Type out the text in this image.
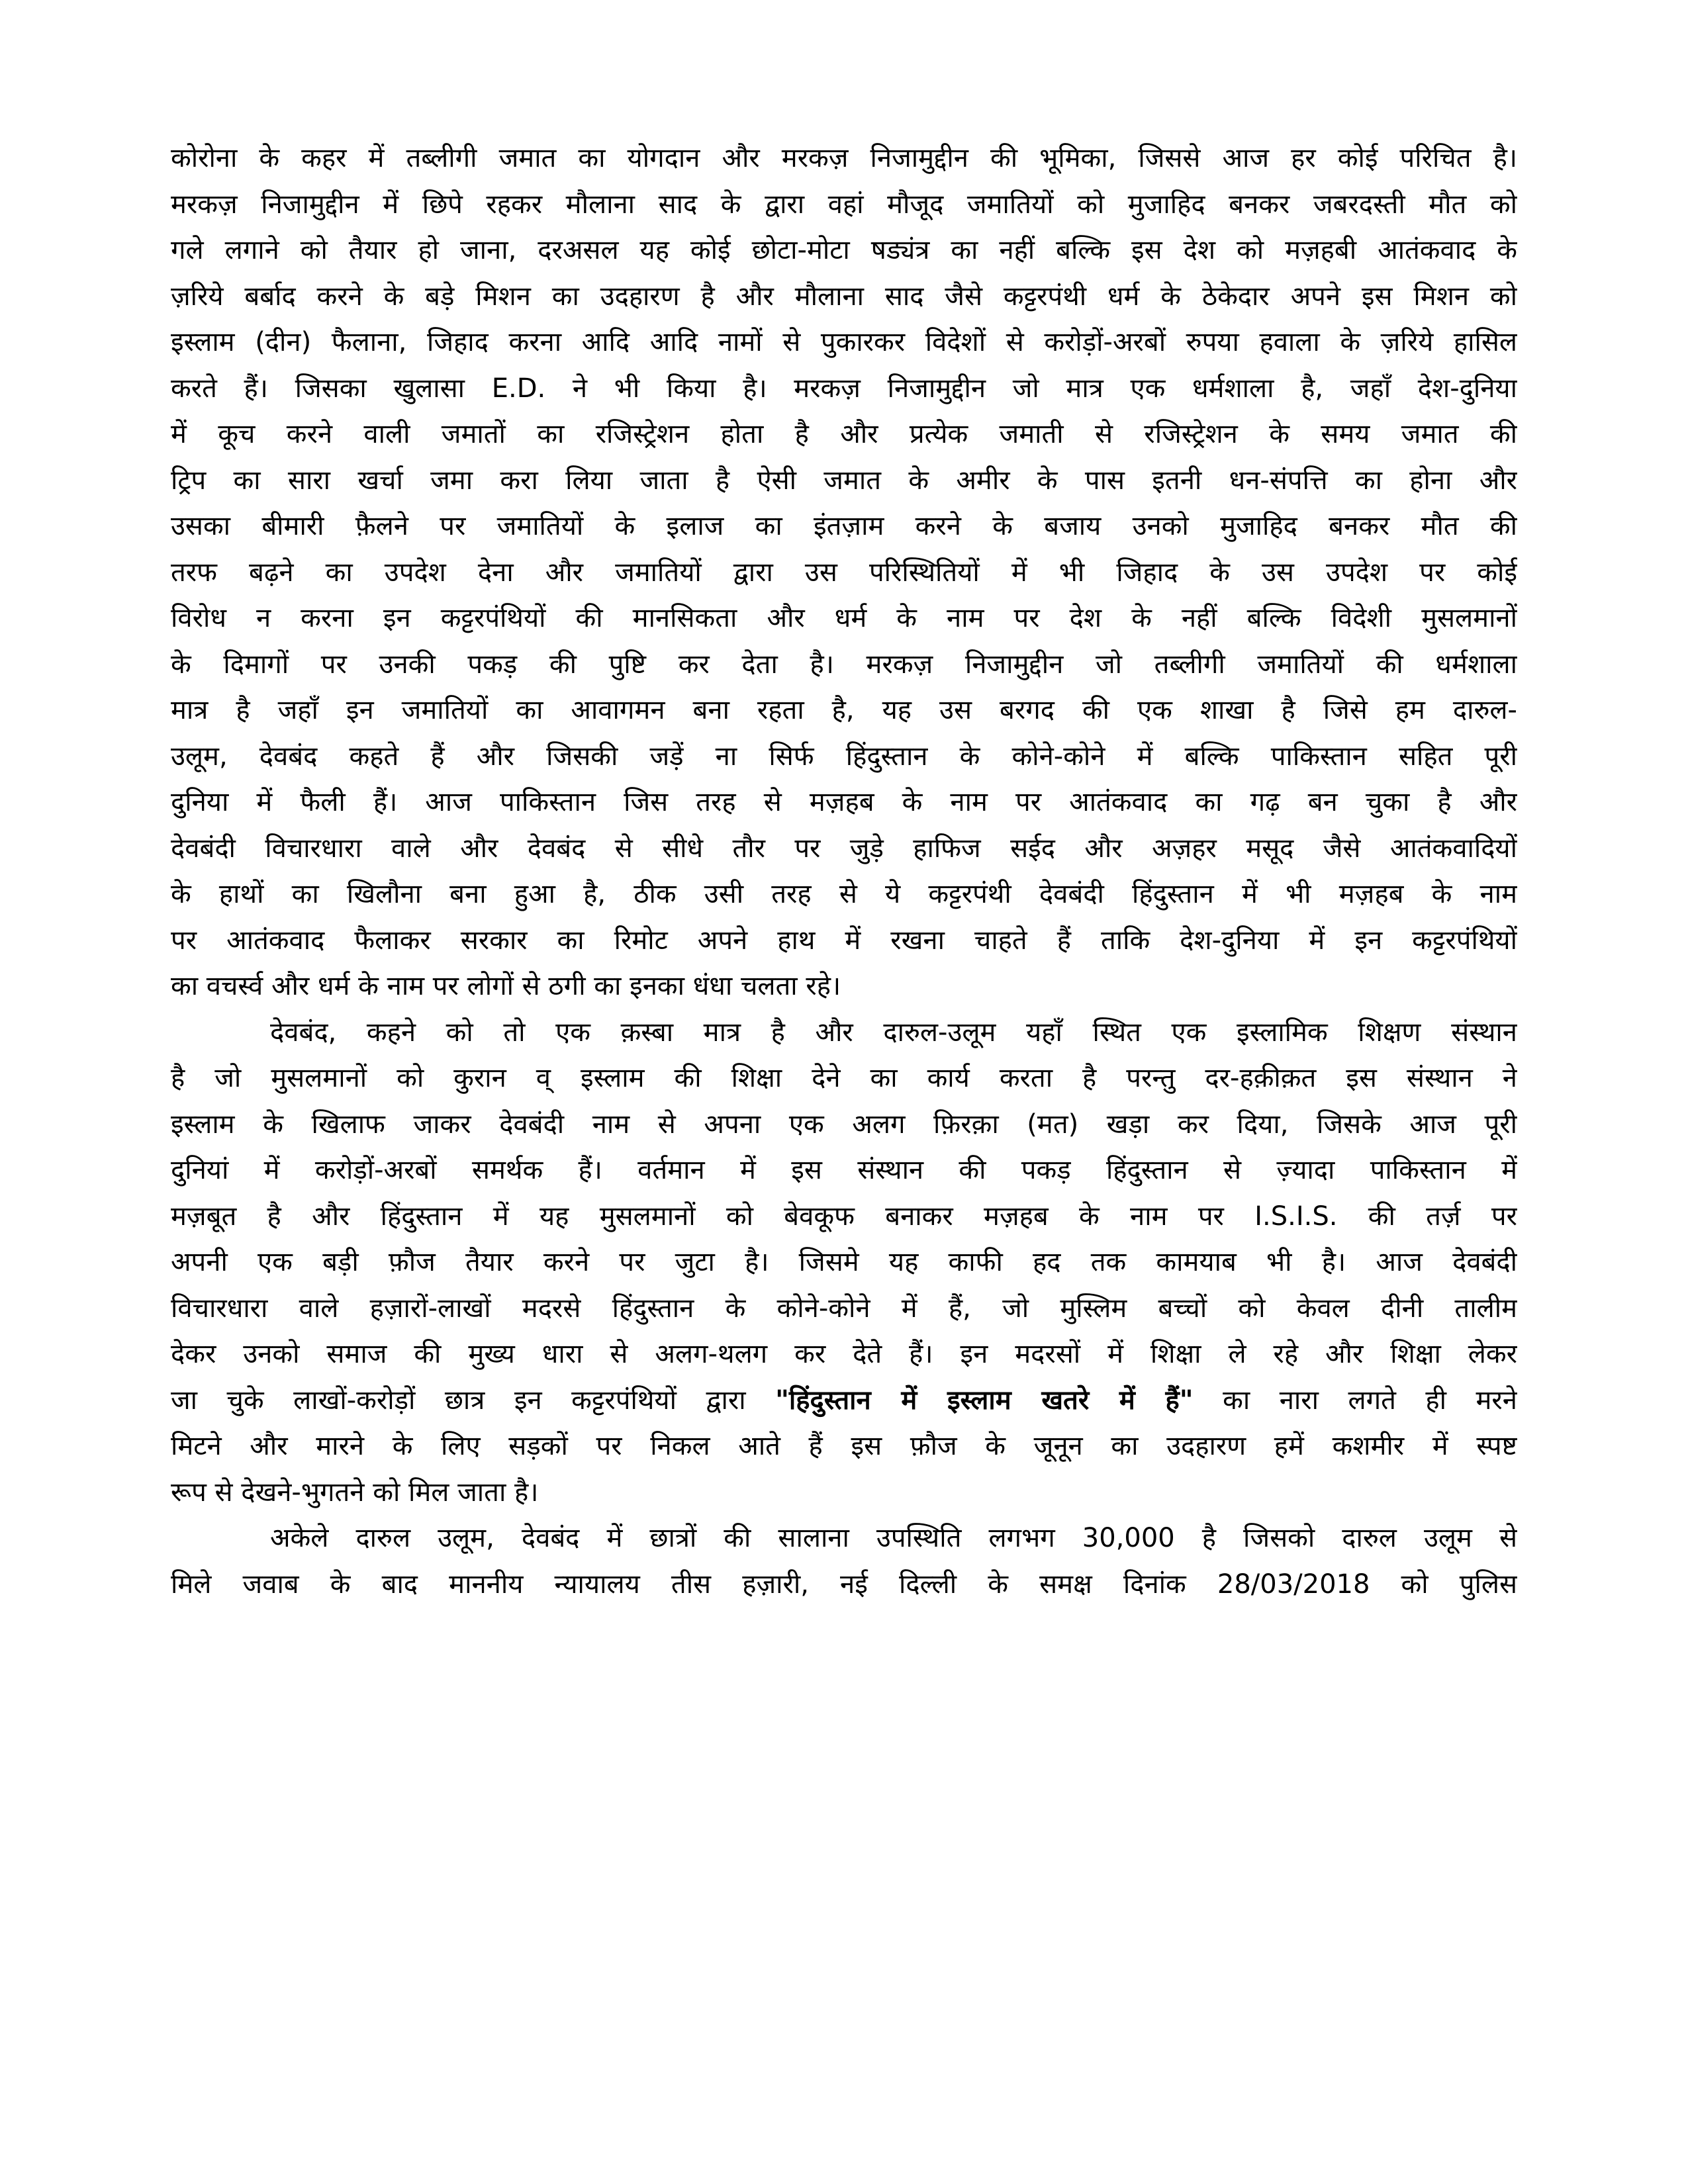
कोरोना के कहर में तब्लीगी जमात का योगदान और मरकज़ निजामुद्दीन की भूमिका, जिससे आज हर कोई परिचित है।
मरकज़ निजामुद्दीन में छिपे रहकर मौलाना साद के द्वारा वहां मौजूद जमातियों को मुजाहिद बनकर जबरदस्ती मौत को
गले लगाने को तैयार हो जाना, दरअसल यह कोई छोटा-मोटा षड्यंत्र का नहीं बल्कि इस देश को मज़हबी आतंकवाद के
ज़रिये बर्बाद करने के बड़े मिशन का उदहारण है और मौलाना साद जैसे कट्टरपंथी धर्म के ठेकेदार अपने इस मिशन को
इस्लाम (दीन) फैलाना, जिहाद करना आदि आदि नामों से पुकारकर विदेशों से करोड़ों-अरबों रुपया हवाला के ज़रिये हासिल
करते हैं। जिसका खुलासा E.D. ने भी किया है। मरकज़ निजामुद्दीन जो मात्र एक धर्मशाला है, जहाँ देश-दुनिया
में कूच करने वाली जमातों का रजिस्ट्रेशन होता है और प्रत्येक जमाती से रजिस्ट्रेशन के समय जमात की
ट्रिप का सारा खर्चा जमा करा लिया जाता है ऐसी जमात के अमीर के पास इतनी धन-संपत्ति का होना और
उसका बीमारी फ़ैलने पर जमातियों के इलाज का इंतज़ाम करने के बजाय उनको मुजाहिद बनकर मौत की
तरफ बढ़ने का उपदेश देना और जमातियों द्वारा उस परिस्थितियों में भी जिहाद के उस उपदेश पर कोई
विरोध न करना इन कट्टरपंथियों की मानसिकता और धर्म के नाम पर देश के नहीं बल्कि विदेशी मुसलमानों
के दिमागों पर उनकी पकड़ की पुष्टि कर देता है। मरकज़ निजामुद्दीन जो तब्लीगी जमातियों की धर्मशाला
मात्र है जहाँ इन जमातियों का आवागमन बना रहता है, यह उस बरगद की एक शाखा है जिसे हम दारुल-
उलूम, देवबंद कहते हैं और जिसकी जड़ें ना सिर्फ हिंदुस्तान के कोने-कोने में बल्कि पाकिस्तान सहित पूरी
दुनिया में फैली हैं। आज पाकिस्तान जिस तरह से मज़हब के नाम पर आतंकवाद का गढ़ बन चुका है और
देवबंदी विचारधारा वाले और देवबंद से सीधे तौर पर जुड़े हाफिज सईद और अज़हर मसूद जैसे आतंकवादियों
के हाथों का खिलौना बना हुआ है, ठीक उसी तरह से ये कट्टरपंथी देवबंदी हिंदुस्तान में भी मज़हब के नाम
पर आतंकवाद फैलाकर सरकार का रिमोट अपने हाथ में रखना चाहते हैं ताकि देश-दुनिया में इन कट्टरपंथियों
का वचर्स्व और धर्म के नाम पर लोगों से ठगी का इनका धंधा चलता रहे।
देवबंद, कहने को तो एक क़स्बा मात्र है और दारुल-उलूम यहाँ स्थित एक इस्लामिक शिक्षण संस्थान
है जो मुसलमानों को कुरान व् इस्लाम की शिक्षा देने का कार्य करता है परन्तु दर-हक़ीक़त इस संस्थान ने
इस्लाम के खिलाफ जाकर देवबंदी नाम से अपना एक अलग फ़िरक़ा (मत) खड़ा कर दिया, जिसके आज पूरी
दुनियां में करोड़ों-अरबों समर्थक हैं। वर्तमान में इस संस्थान की पकड़ हिंदुस्तान से ज़्यादा पाकिस्तान में
मज़बूत है और हिंदुस्तान में यह मुसलमानों को बेवकूफ बनाकर मज़हब के नाम पर I.S.I.S. की तर्ज़ पर
अपनी एक बड़ी फ़ौज तैयार करने पर जुटा है। जिसमे यह काफी हद तक कामयाब भी है। आज देवबंदी
विचारधारा वाले हज़ारों-लाखों मदरसे हिंदुस्तान के कोने-कोने में हैं, जो मुस्लिम बच्चों को केवल दीनी तालीम
देकर उनको समाज की मुख्य धारा से अलग-थलग कर देते हैं। इन मदरसों में शिक्षा ले रहे और शिक्षा लेकर
जा चुके लाखों-करोड़ों छात्र इन कट्टरपंथियों द्वारा "हिंदुस्तान में इस्लाम खतरे में हैं" का नारा लगते ही मरने
मिटने और मारने के लिए सड़कों पर निकल आते हैं इस फ़ौज के जूनून का उदहारण हमें कशमीर में स्पष्ट
रूप से देखने-भुगतने को मिल जाता है।
अकेले दारुल उलूम, देवबंद में छात्रों की सालाना उपस्थिति लगभग 30,000 है जिसको दारुल उलूम से
मिले जवाब के बाद माननीय न्यायालय तीस हज़ारी, नई दिल्ली के समक्ष दिनांक 28/03/2018 को पुलिस
